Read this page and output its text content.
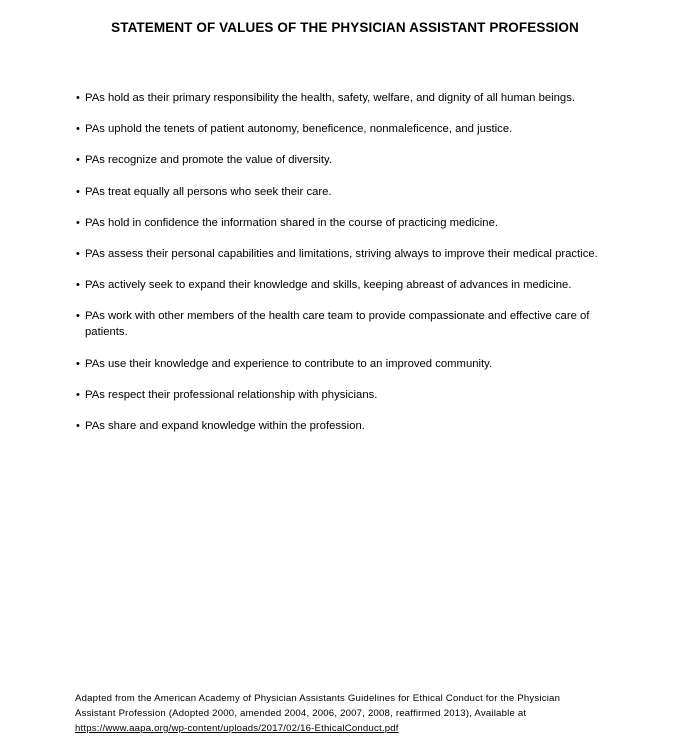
STATEMENT OF VALUES OF THE PHYSICIAN ASSISTANT PROFESSION
• PAs hold as their primary responsibility the health, safety, welfare, and dignity of all human beings.
• PAs uphold the tenets of patient autonomy, beneficence, nonmaleficence, and justice.
• PAs recognize and promote the value of diversity.
• PAs treat equally all persons who seek their care.
• PAs hold in confidence the information shared in the course of practicing medicine.
• PAs assess their personal capabilities and limitations, striving always to improve their medical practice.
• PAs actively seek to expand their knowledge and skills, keeping abreast of advances in medicine.
• PAs work with other members of the health care team to provide compassionate and effective care of patients.
• PAs use their knowledge and experience to contribute to an improved community.
• PAs respect their professional relationship with physicians.
• PAs share and expand knowledge within the profession.
Adapted from the American Academy of Physician Assistants Guidelines for Ethical Conduct for the Physician
Assistant Profession (Adopted 2000, amended 2004, 2006, 2007, 2008, reaffirmed 2013), Available at
https://www.aapa.org/wp-content/uploads/2017/02/16-EthicalConduct.pdf
